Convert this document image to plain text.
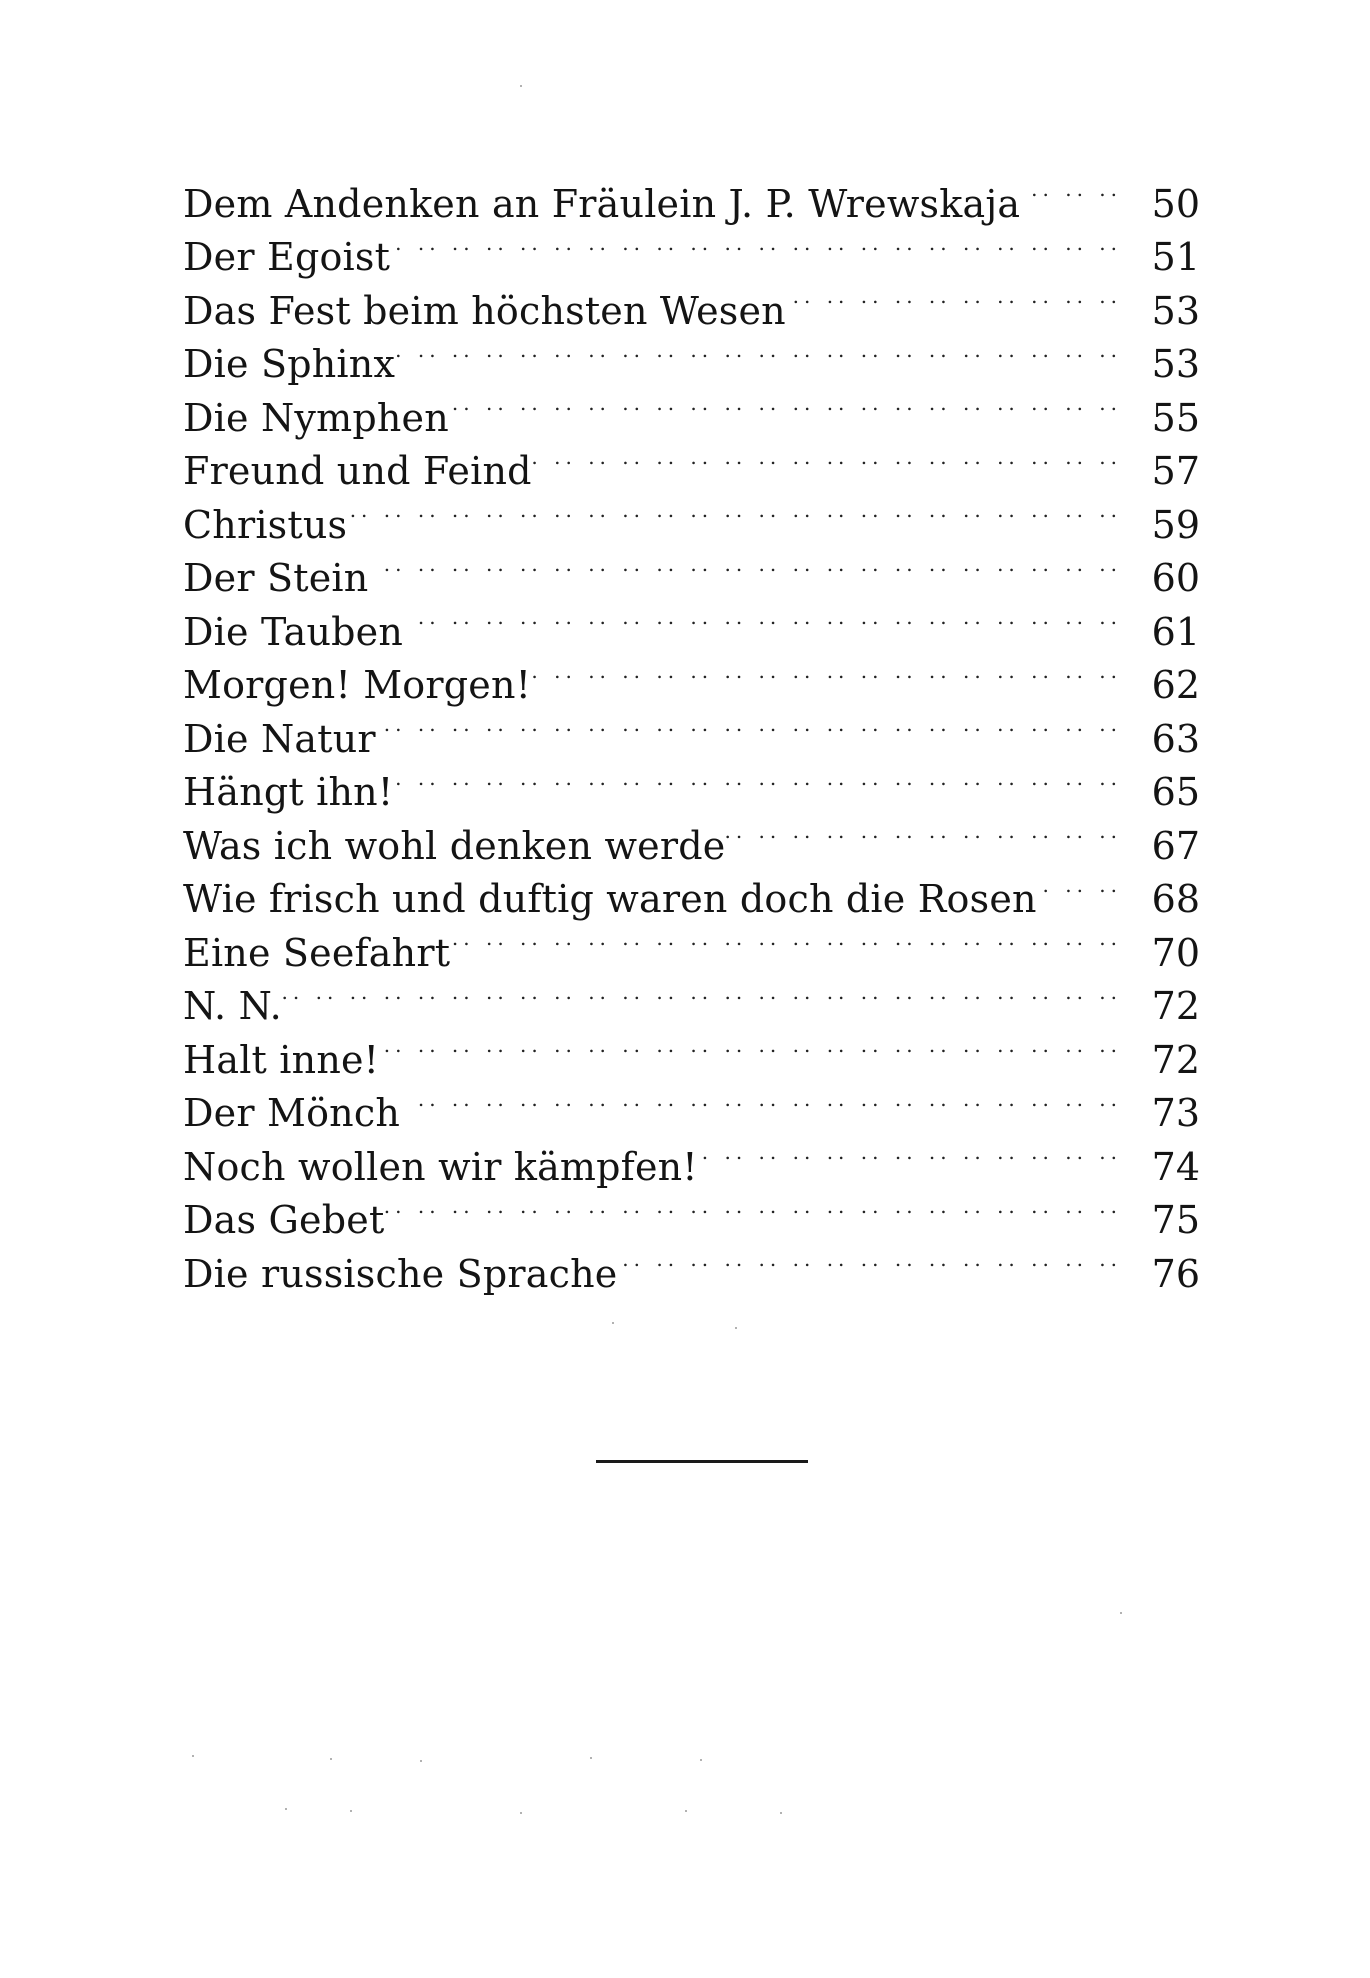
Dem Andenken an Fräulein J. P. Wrewskaja .. ..	50
Der Egoist .. ..	51
Das Fest beim höchsten Wesen .. ..	53
Die Sphinx .. ..	53
Die Nymphen .. ..	55
Freund und Feind .. ..	57
Christus .. ..	59
Der Stein .. ..	60
Die Tauben .. ..	61
Morgen! Morgen! .. ..	62
Die Natur .. ..	63
Hängt ihn! .. ..	65
Was ich wohl denken werde .. ..	67
Wie frisch und duftig waren doch die Rosen .. ..	68
Eine Seefahrt .. ..	70
N. N. .. ..	72
Halt inne! .. ..	72
Der Mönch .. ..	73
Noch wollen wir kämpfen! .. ..	74
Das Gebet .. ..	75
Die russische Sprache .. ..	76
